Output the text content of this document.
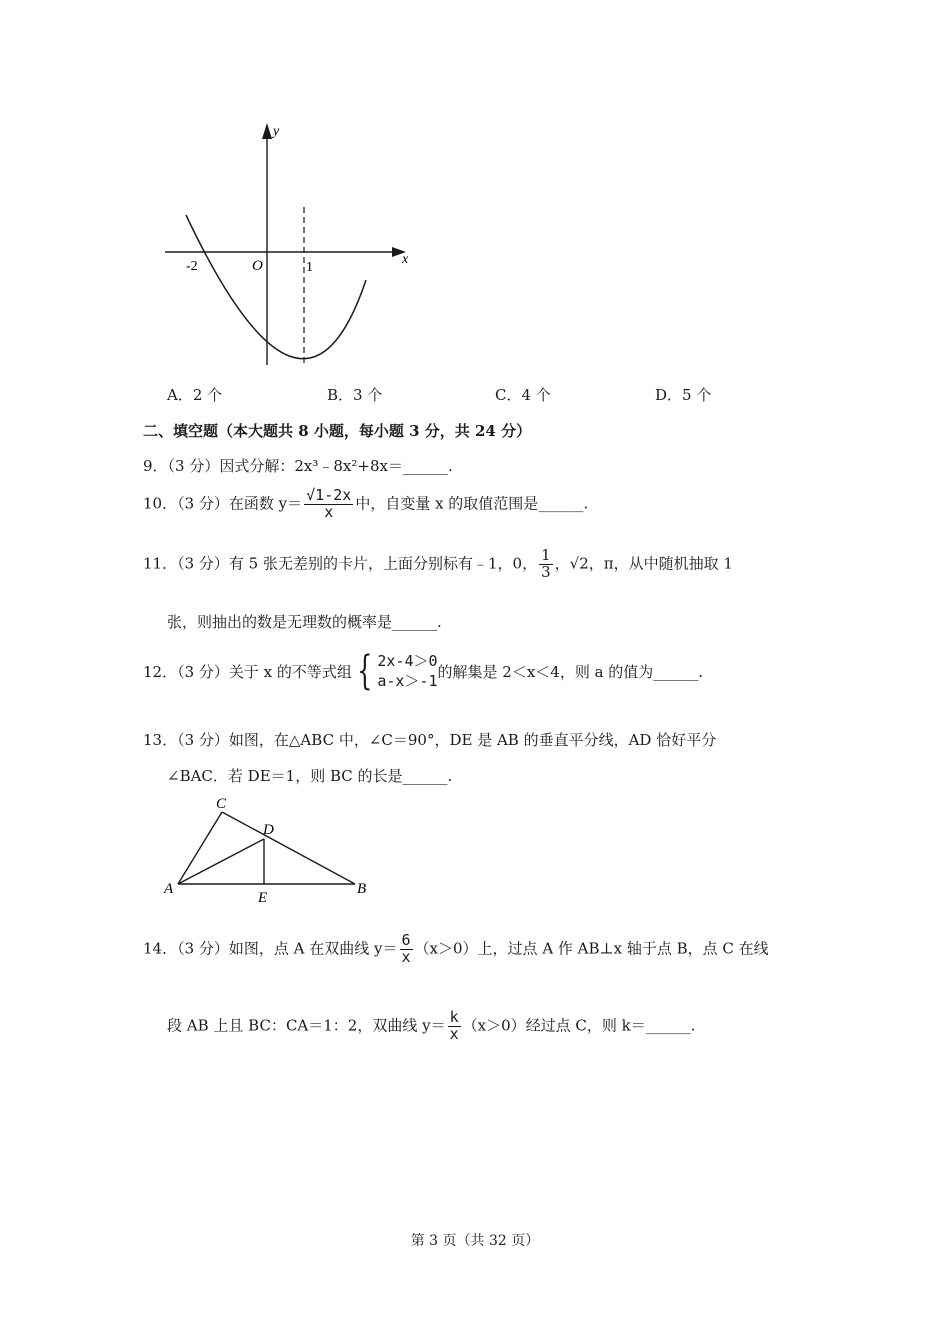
y
x
O
-2	1
A．2 个	B．3 个	C．4 个	D．5 个
二、填空题（本大题共 8 小题，每小题 3 分，共 24 分）
9．（3 分）因式分解：2x³﹣8x²+8x＝______.
10．（3 分）在函数 $y= \frac{√1-2x}{x}$ 中，自变量 x 的取值范围是______.
11．（3 分）有 5 张无差别的卡片，上面分别标有﹣1，0， $\frac{1}{3}$ ，√2，π，从中随机抽取 1
张，则抽出的数是无理数的概率是______.
12．（3 分）关于 x 的不等式组 { 2x-4＞0
a-x＞-1
的解集是 2＜x＜4，则 a 的值为______.
13．（3 分）如图，在△ABC 中，∠C＝90°，DE 是 AB 的垂直平分线，AD 恰好平分
∠BAC．若 DE＝1，则 BC 的长是______.
C
D
A
E
B
14．（3 分）如图，点 A 在双曲线 $y= \frac{6}{x} (x>0)$上，过点 A 作 AB⊥x 轴于点 B，点 C 在线
段 AB 上且 BC：CA＝1：2，双曲线 $y= \frac{k}{x} (x>0)$经过点 C，则 k＝______.
第 3 页（共 32 页）
